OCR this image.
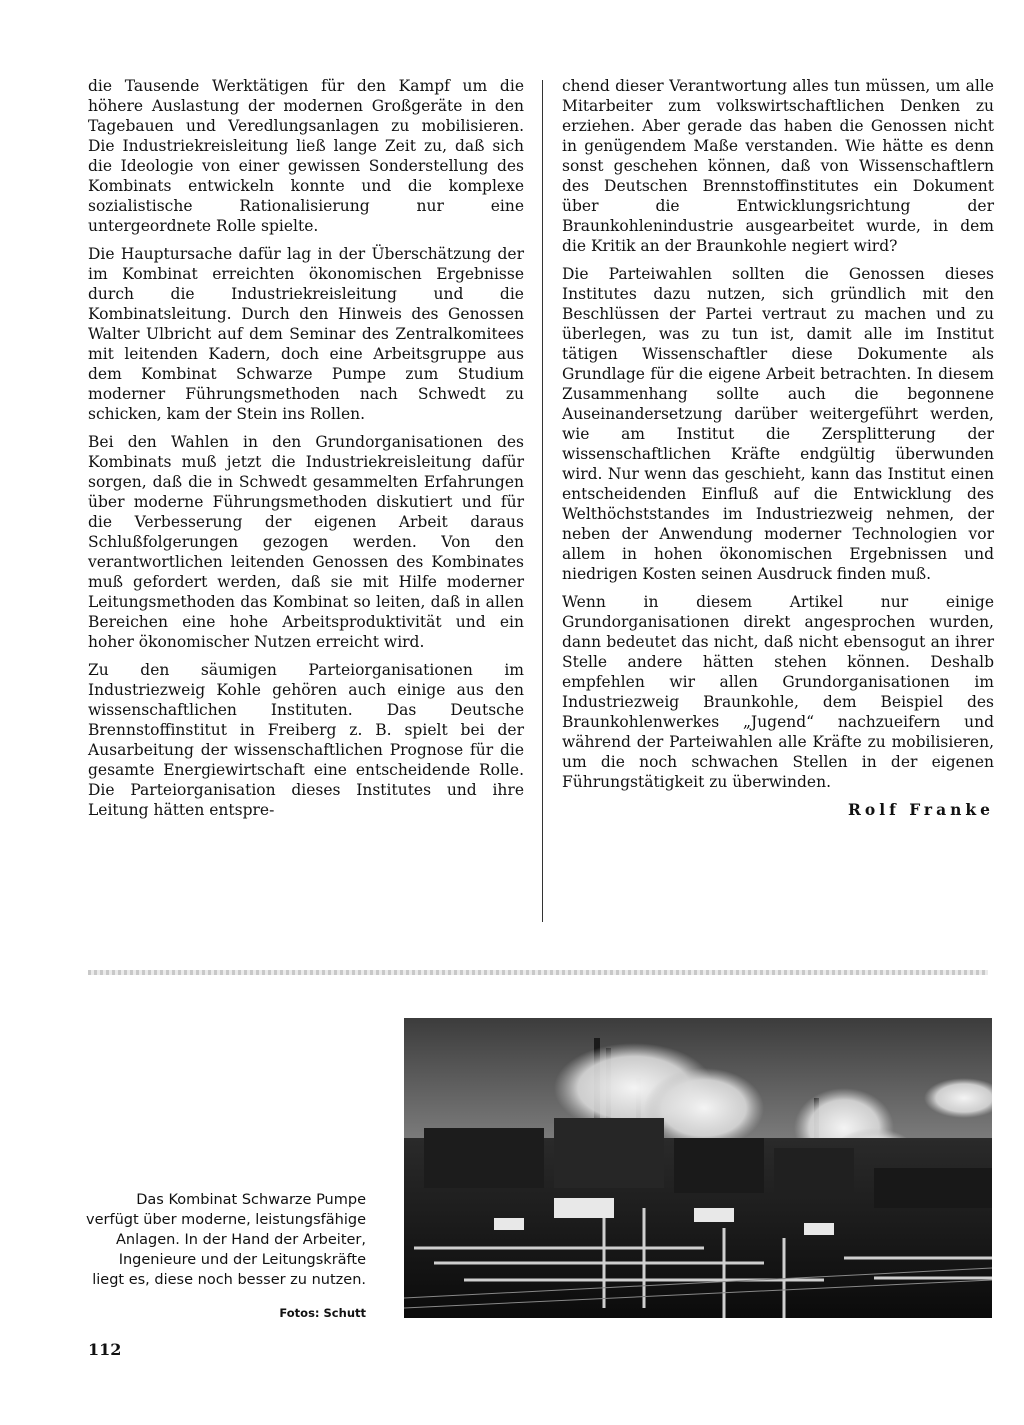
die Tausende Werktätigen für den Kampf um die höhere Auslastung der modernen Großgeräte in den Tagebauen und Veredlungsanlagen zu mobilisieren. Die Industriekreisleitung ließ lange Zeit zu, daß sich die Ideologie von einer gewissen Sonderstellung des Kombinats entwickeln konnte und die komplexe sozialistische Rationalisierung nur eine untergeordnete Rolle spielte.

Die Hauptursache dafür lag in der Überschätzung der im Kombinat erreichten ökonomischen Ergebnisse durch die Industriekreisleitung und die Kombinatsleitung. Durch den Hinweis des Genossen Walter Ulbricht auf dem Seminar des Zentralkomitees mit leitenden Kadern, doch eine Arbeitsgruppe aus dem Kombinat Schwarze Pumpe zum Studium moderner Führungsmethoden nach Schwedt zu schicken, kam der Stein ins Rollen.

Bei den Wahlen in den Grundorganisationen des Kombinats muß jetzt die Industriekreisleitung dafür sorgen, daß die in Schwedt gesammelten Erfahrungen über moderne Führungsmethoden diskutiert und für die Verbesserung der eigenen Arbeit daraus Schlußfolgerungen gezogen werden. Von den verantwortlichen leitenden Genossen des Kombinates muß gefordert werden, daß sie mit Hilfe moderner Leitungsmethoden das Kombinat so leiten, daß in allen Bereichen eine hohe Arbeitsproduktivität und ein hoher ökonomischer Nutzen erreicht wird.

Zu den säumigen Parteiorganisationen im Industriezweig Kohle gehören auch einige aus den wissenschaftlichen Instituten. Das Deutsche Brennstoffinstitut in Freiberg z. B. spielt bei der Ausarbeitung der wissenschaftlichen Prognose für die gesamte Energiewirtschaft eine entscheidende Rolle. Die Parteiorganisation dieses Institutes und ihre Leitung hätten entspre-

chend dieser Verantwortung alles tun müssen, um alle Mitarbeiter zum volkswirtschaftlichen Denken zu erziehen. Aber gerade das haben die Genossen nicht in genügendem Maße verstanden. Wie hätte es denn sonst geschehen können, daß von Wissenschaftlern des Deutschen Brennstoffinstitutes ein Dokument über die Entwicklungsrichtung der Braunkohlenindustrie ausgearbeitet wurde, in dem die Kritik an der Braunkohle negiert wird?

Die Parteiwahlen sollten die Genossen dieses Institutes dazu nutzen, sich gründlich mit den Beschlüssen der Partei vertraut zu machen und zu überlegen, was zu tun ist, damit alle im Institut tätigen Wissenschaftler diese Dokumente als Grundlage für die eigene Arbeit betrachten. In diesem Zusammenhang sollte auch die begonnene Auseinandersetzung darüber weitergeführt werden, wie am Institut die Zersplitterung der wissenschaftlichen Kräfte endgültig überwunden wird. Nur wenn das geschieht, kann das Institut einen entscheidenden Einfluß auf die Entwicklung des Welthöchststandes im Industriezweig nehmen, der neben der Anwendung moderner Technologien vor allem in hohen ökonomischen Ergebnissen und niedrigen Kosten seinen Ausdruck finden muß.

Wenn in diesem Artikel nur einige Grundorganisationen direkt angesprochen wurden, dann bedeutet das nicht, daß nicht ebensogut an ihrer Stelle andere hätten stehen können. Deshalb empfehlen wir allen Grundorganisationen im Industriezweig Braunkohle, dem Beispiel des Braunkohlenwerkes „Jugend“ nachzueifern und während der Parteiwahlen alle Kräfte zu mobilisieren, um die noch schwachen Stellen in der eigenen Führungstätigkeit zu überwinden.

Rolf Franke
Das Kombinat Schwarze Pumpe verfügt über moderne, leistungsfähige Anlagen. In der Hand der Arbeiter, Ingenieure und der Leitungskräfte liegt es, diese noch besser zu nutzen.
Fotos: Schutt
112
